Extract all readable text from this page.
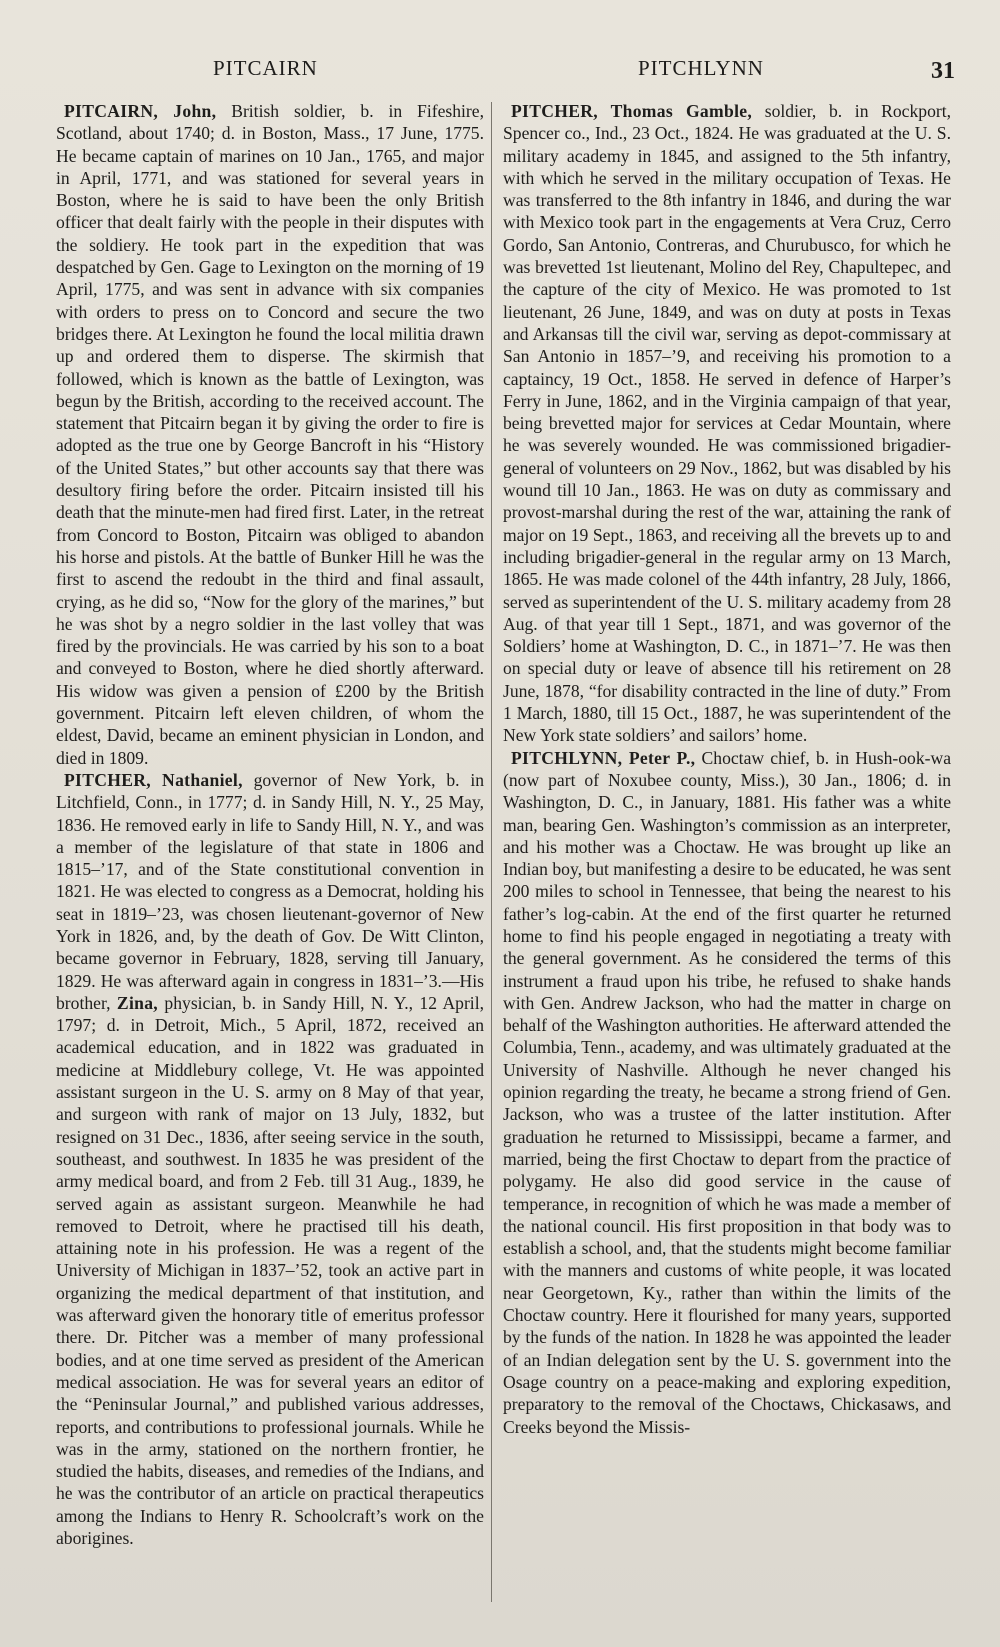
PITCAIRN	PITCHLYNN	31

PITCAIRN, John, British soldier, b. in Fifeshire, Scotland, about 1740; d. in Boston, Mass., 17 June, 1775. He became captain of marines on 10 Jan., 1765, and major in April, 1771, and was stationed for several years in Boston, where he is said to have been the only British officer that dealt fairly with the people in their disputes with the soldiery. He took part in the expedition that was despatched by Gen. Gage to Lexington on the morning of 19 April, 1775, and was sent in advance with six companies with orders to press on to Concord and secure the two bridges there. At Lexington he found the local militia drawn up and ordered them to disperse. The skirmish that followed, which is known as the battle of Lexington, was begun by the British, according to the received account. The statement that Pitcairn began it by giving the order to fire is adopted as the true one by George Bancroft in his “History of the United States,” but other accounts say that there was desultory firing before the order. Pitcairn insisted till his death that the minute-men had fired first. Later, in the retreat from Concord to Boston, Pitcairn was obliged to abandon his horse and pistols. At the battle of Bunker Hill he was the first to ascend the redoubt in the third and final assault, crying, as he did so, “Now for the glory of the marines,” but he was shot by a negro soldier in the last volley that was fired by the provincials. He was carried by his son to a boat and conveyed to Boston, where he died shortly afterward. His widow was given a pension of £200 by the British government. Pitcairn left eleven children, of whom the eldest, David, became an eminent physician in London, and died in 1809.

PITCHER, Nathaniel, governor of New York, b. in Litchfield, Conn., in 1777; d. in Sandy Hill, N. Y., 25 May, 1836. He removed early in life to Sandy Hill, N. Y., and was a member of the legislature of that state in 1806 and 1815–’17, and of the State constitutional convention in 1821. He was elected to congress as a Democrat, holding his seat in 1819–’23, was chosen lieutenant-governor of New York in 1826, and, by the death of Gov. De Witt Clinton, became governor in February, 1828, serving till January, 1829. He was afterward again in congress in 1831–’3.—His brother, Zina, physician, b. in Sandy Hill, N. Y., 12 April, 1797; d. in Detroit, Mich., 5 April, 1872, received an academical education, and in 1822 was graduated in medicine at Middlebury college, Vt. He was appointed assistant surgeon in the U. S. army on 8 May of that year, and surgeon with rank of major on 13 July, 1832, but resigned on 31 Dec., 1836, after seeing service in the south, southeast, and southwest. In 1835 he was president of the army medical board, and from 2 Feb. till 31 Aug., 1839, he served again as assistant surgeon. Meanwhile he had removed to Detroit, where he practised till his death, attaining note in his profession. He was a regent of the University of Michigan in 1837–’52, took an active part in organizing the medical department of that institution, and was afterward given the honorary title of emeritus professor there. Dr. Pitcher was a member of many professional bodies, and at one time served as president of the American medical association. He was for several years an editor of the “Peninsular Journal,” and published various addresses, reports, and contributions to professional journals. While he was in the army, stationed on the northern frontier, he studied the habits, diseases, and remedies of the Indians, and he was the contributor of an article on practical therapeutics among the Indians to Henry R. Schoolcraft’s work on the aborigines.

PITCHER, Thomas Gamble, soldier, b. in Rockport, Spencer co., Ind., 23 Oct., 1824. He was graduated at the U. S. military academy in 1845, and assigned to the 5th infantry, with which he served in the military occupation of Texas. He was transferred to the 8th infantry in 1846, and during the war with Mexico took part in the engagements at Vera Cruz, Cerro Gordo, San Antonio, Contreras, and Churubusco, for which he was brevetted 1st lieutenant, Molino del Rey, Chapultepec, and the capture of the city of Mexico. He was promoted to 1st lieutenant, 26 June, 1849, and was on duty at posts in Texas and Arkansas till the civil war, serving as depot-commissary at San Antonio in 1857–’9, and receiving his promotion to a captaincy, 19 Oct., 1858. He served in defence of Harper’s Ferry in June, 1862, and in the Virginia campaign of that year, being brevetted major for services at Cedar Mountain, where he was severely wounded. He was commissioned brigadier-general of volunteers on 29 Nov., 1862, but was disabled by his wound till 10 Jan., 1863. He was on duty as commissary and provost-marshal during the rest of the war, attaining the rank of major on 19 Sept., 1863, and receiving all the brevets up to and including brigadier-general in the regular army on 13 March, 1865. He was made colonel of the 44th infantry, 28 July, 1866, served as superintendent of the U. S. military academy from 28 Aug. of that year till 1 Sept., 1871, and was governor of the Soldiers’ home at Washington, D. C., in 1871–’7. He was then on special duty or leave of absence till his retirement on 28 June, 1878, “for disability contracted in the line of duty.” From 1 March, 1880, till 15 Oct., 1887, he was superintendent of the New York state soldiers’ and sailors’ home.

PITCHLYNN, Peter P., Choctaw chief, b. in Hush-ook-wa (now part of Noxubee county, Miss.), 30 Jan., 1806; d. in Washington, D. C., in January, 1881. His father was a white man, bearing Gen. Washington’s commission as an interpreter, and his mother was a Choctaw. He was brought up like an Indian boy, but manifesting a desire to be educated, he was sent 200 miles to school in Tennessee, that being the nearest to his father’s log-cabin. At the end of the first quarter he returned home to find his people engaged in negotiating a treaty with the general government. As he considered the terms of this instrument a fraud upon his tribe, he refused to shake hands with Gen. Andrew Jackson, who had the matter in charge on behalf of the Washington authorities. He afterward attended the Columbia, Tenn., academy, and was ultimately graduated at the University of Nashville. Although he never changed his opinion regarding the treaty, he became a strong friend of Gen. Jackson, who was a trustee of the latter institution. After graduation he returned to Mississippi, became a farmer, and married, being the first Choctaw to depart from the practice of polygamy. He also did good service in the cause of temperance, in recognition of which he was made a member of the national council. His first proposition in that body was to establish a school, and, that the students might become familiar with the manners and customs of white people, it was located near Georgetown, Ky., rather than within the limits of the Choctaw country. Here it flourished for many years, supported by the funds of the nation. In 1828 he was appointed the leader of an Indian delegation sent by the U. S. government into the Osage country on a peace-making and exploring expedition, preparatory to the removal of the Choctaws, Chickasaws, and Creeks beyond the Missis-
